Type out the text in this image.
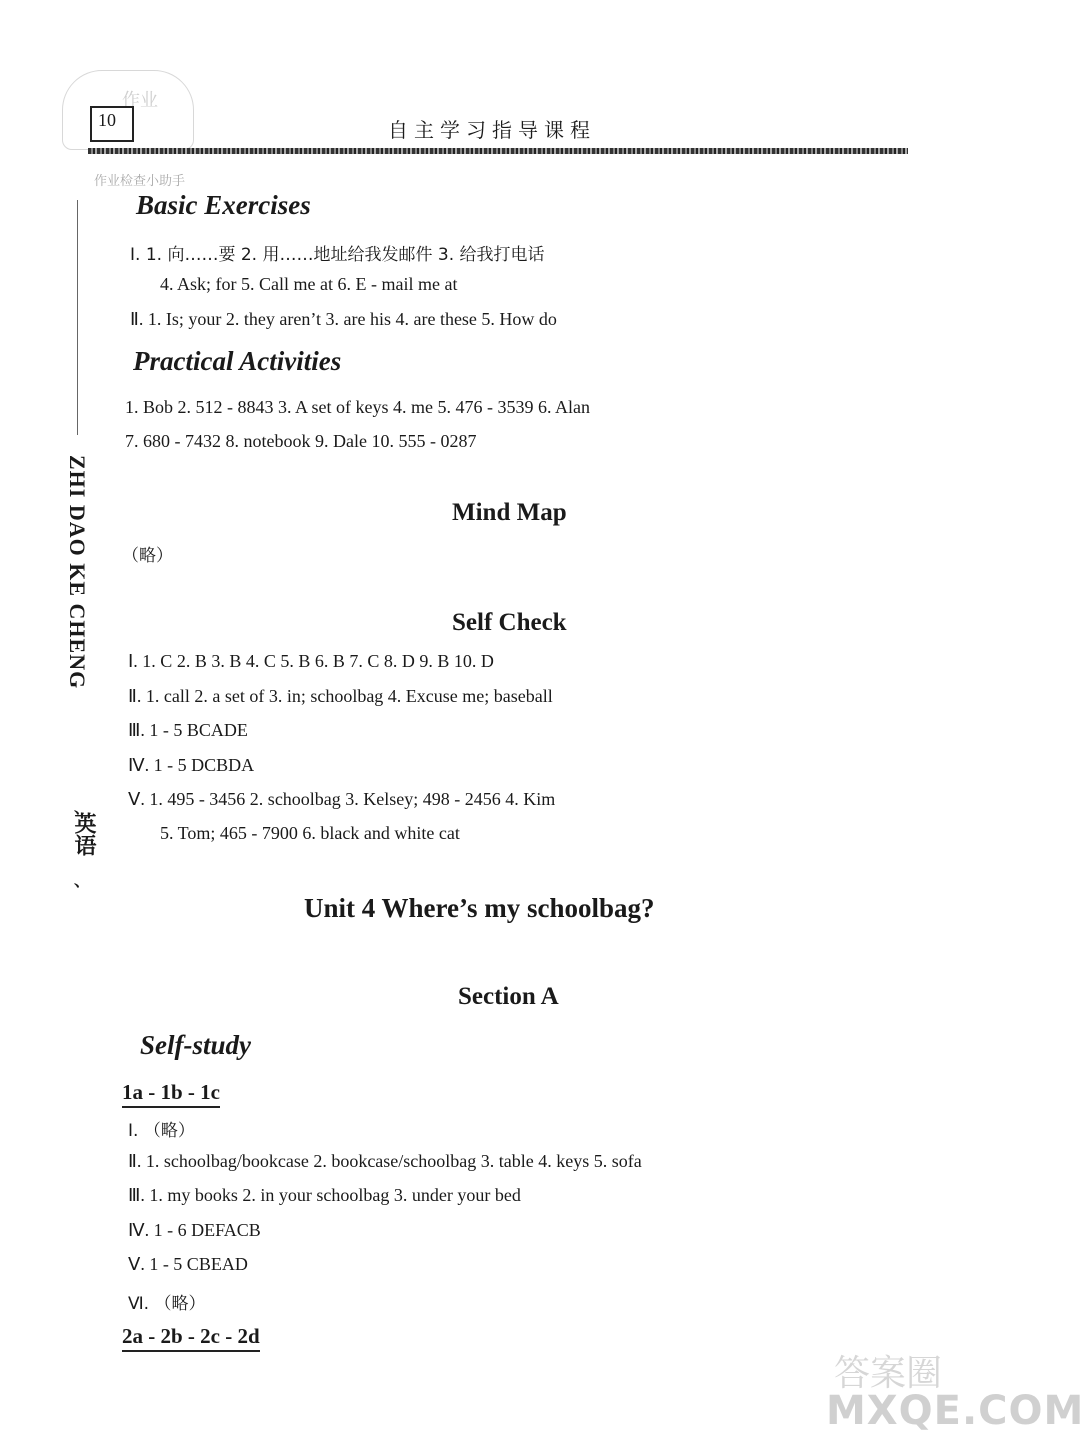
作业
作业检查小助手
10	自主学习指导课程
ZHI DAO KE CHENG
、
英语
、
Basic Exercises
Ⅰ. 1. 向……要 2. 用……地址给我发邮件 3. 给我打电话
4. Ask; for 5. Call me at 6. E - mail me at
Ⅱ. 1. Is; your 2. they aren’t 3. are his 4. are these 5. How do
Practical Activities
1. Bob 2. 512 - 8843 3. A set of keys 4. me 5. 476 - 3539 6. Alan
7. 680 - 7432 8. notebook 9. Dale 10. 555 - 0287
Mind Map
（略）
Self Check
Ⅰ. 1. C 2. B 3. B 4. C 5. B 6. B 7. C 8. D 9. B 10. D
Ⅱ. 1. call 2. a set of 3. in; schoolbag 4. Excuse me; baseball
Ⅲ. 1 - 5 BCADE
Ⅳ. 1 - 5 DCBDA
Ⅴ. 1. 495 - 3456 2. schoolbag 3. Kelsey; 498 - 2456 4. Kim
5. Tom; 465 - 7900 6. black and white cat
Unit 4 Where’s my schoolbag?
Section A
Self-study
1a - 1b - 1c
Ⅰ. （略）
Ⅱ. 1. schoolbag/bookcase 2. bookcase/schoolbag 3. table 4. keys 5. sofa
Ⅲ. 1. my books 2. in your schoolbag 3. under your bed
Ⅳ. 1 - 6 DEFACB
Ⅴ. 1 - 5 CBEAD
Ⅵ. （略）
2a - 2b - 2c - 2d
答案圈
MXQE.COM
